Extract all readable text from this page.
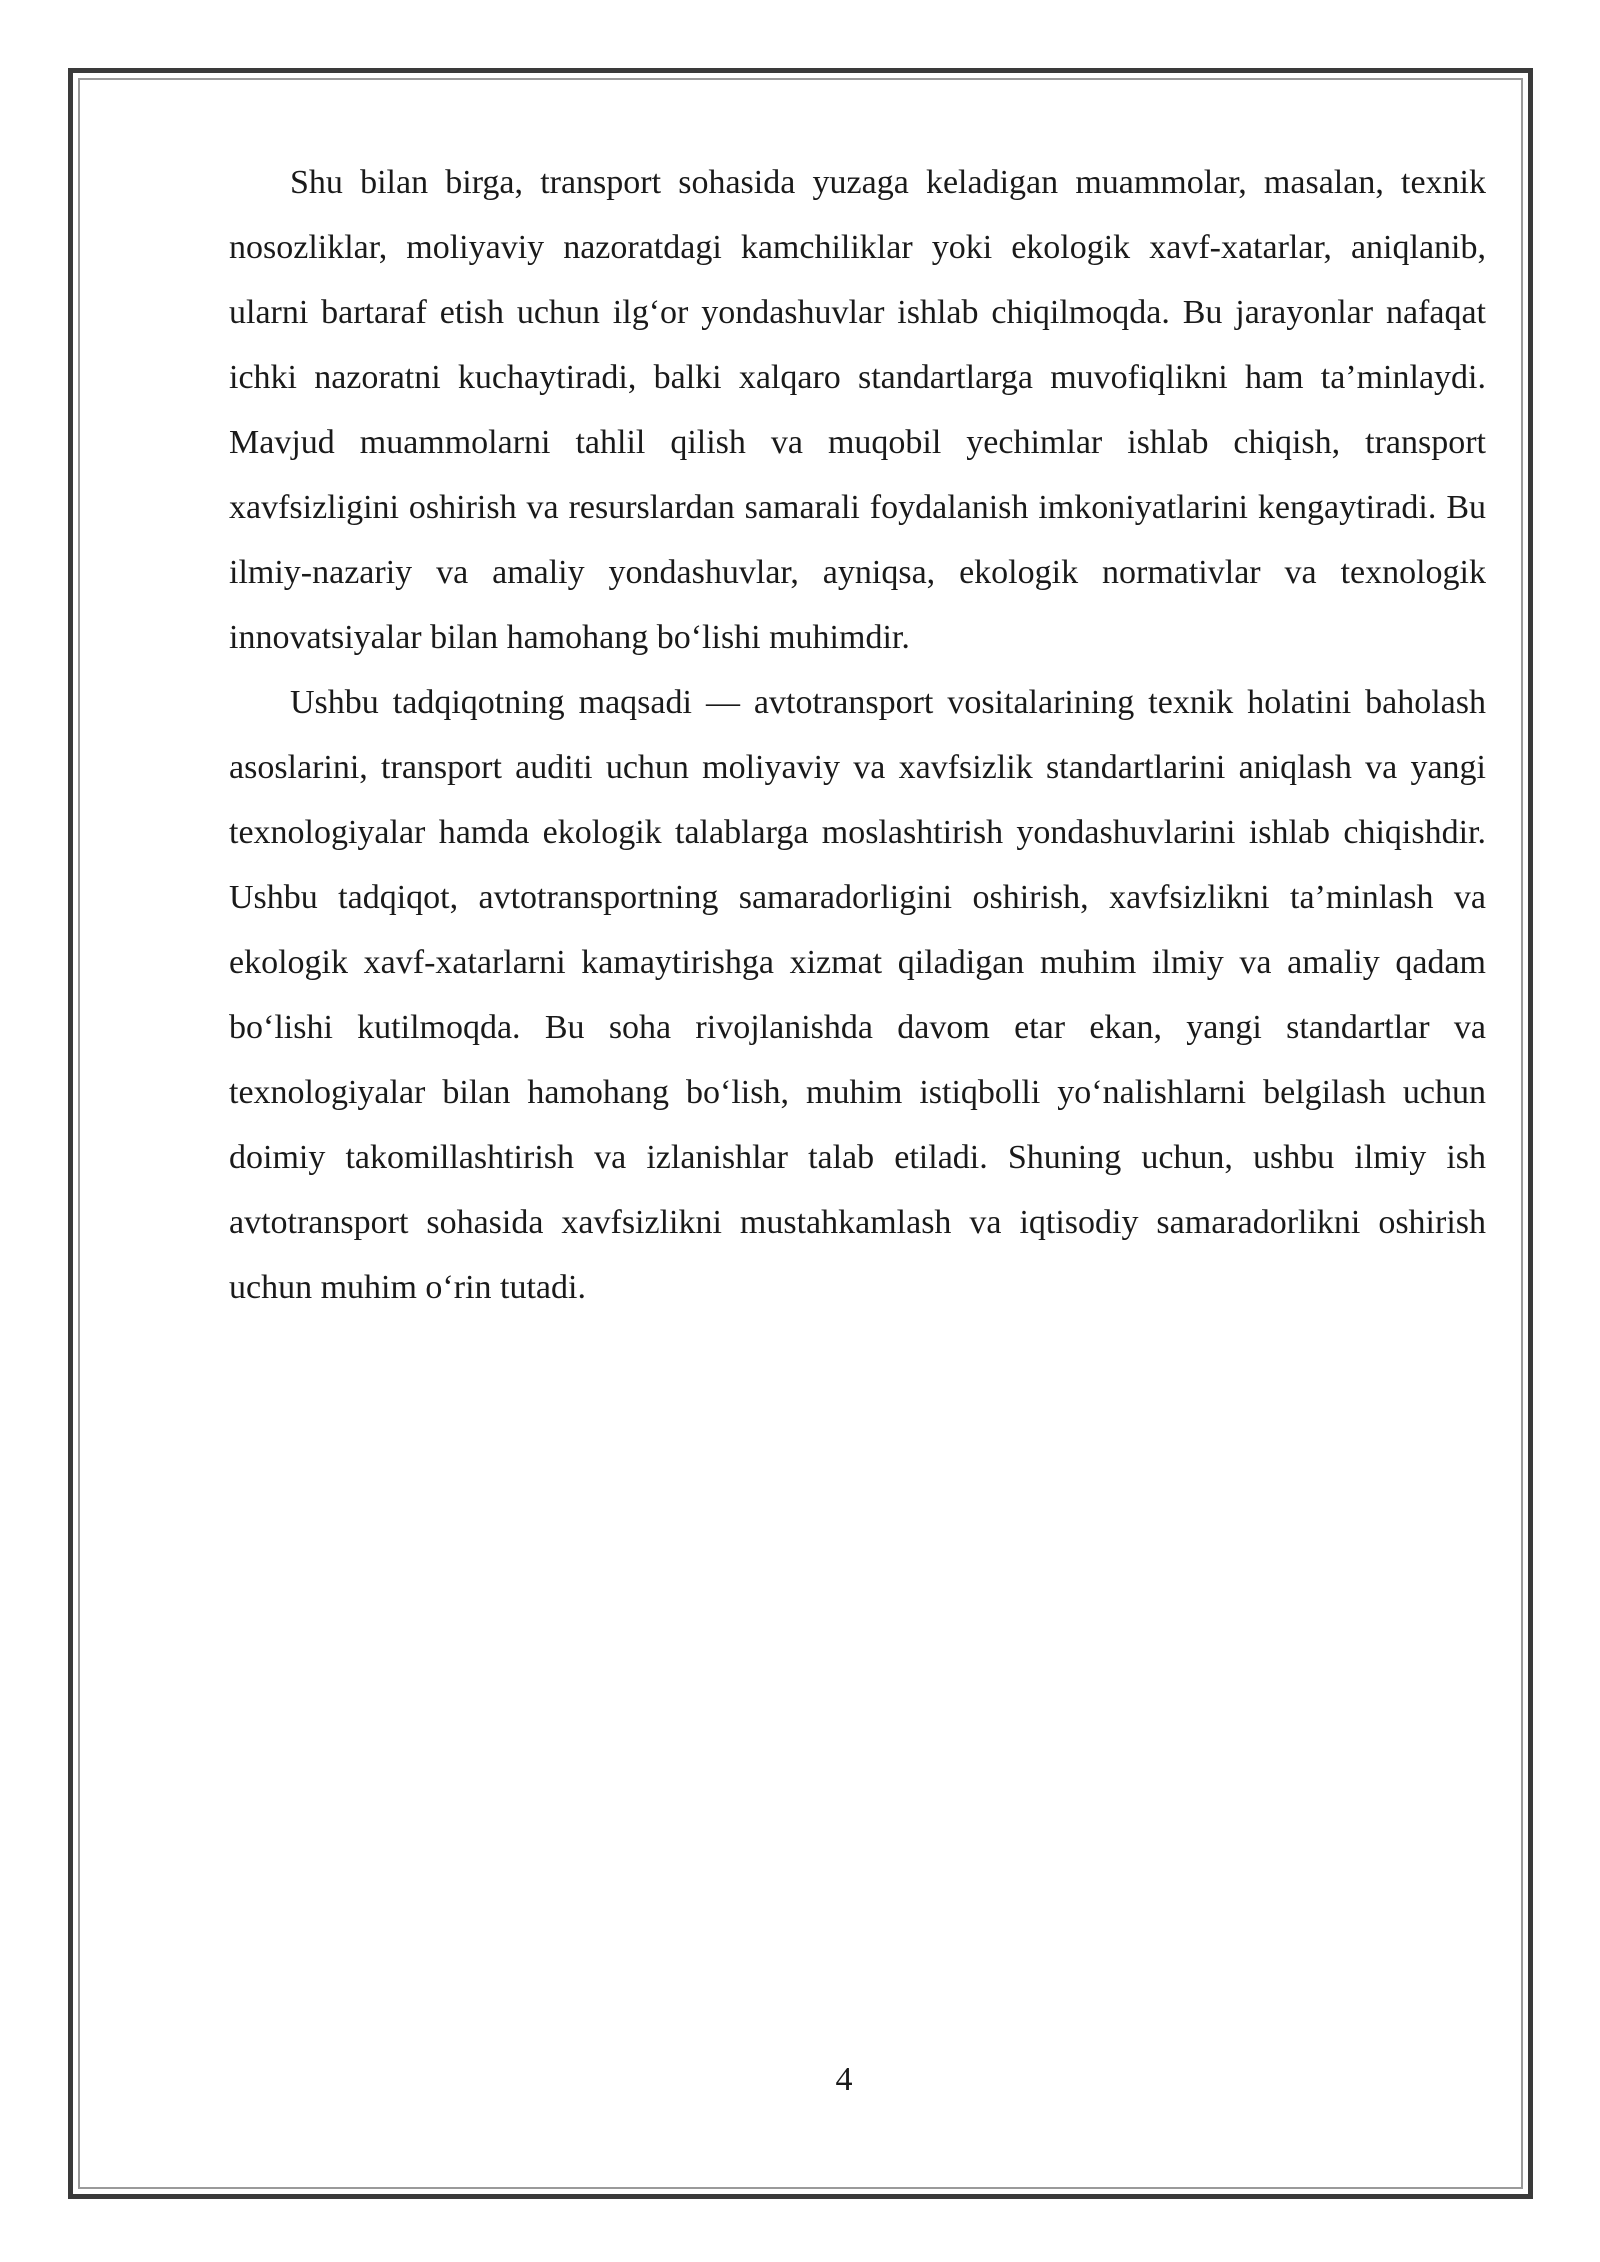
Shu bilan birga, transport sohasida yuzaga keladigan muammolar, masalan, texnik nosozliklar, moliyaviy nazoratdagi kamchiliklar yoki ekologik xavf-xatarlar, aniqlanib, ularni bartaraf etish uchun ilg‘or yondashuvlar ishlab chiqilmoqda. Bu jarayonlar nafaqat ichki nazoratni kuchaytiradi, balki xalqaro standartlarga muvofiqlikni ham ta’minlaydi. Mavjud muammolarni tahlil qilish va muqobil yechimlar ishlab chiqish, transport xavfsizligini oshirish va resurslardan samarali foydalanish imkoniyatlarini kengaytiradi. Bu ilmiy-nazariy va amaliy yondashuvlar, ayniqsa, ekologik normativlar va texnologik innovatsiyalar bilan hamohang bo‘lishi muhimdir.

Ushbu tadqiqotning maqsadi — avtotransport vositalarining texnik holatini baholash asoslarini, transport auditi uchun moliyaviy va xavfsizlik standartlarini aniqlash va yangi texnologiyalar hamda ekologik talablarga moslashtirish yondashuvlarini ishlab chiqishdir. Ushbu tadqiqot, avtotransportning samaradorligini oshirish, xavfsizlikni ta’minlash va ekologik xavf-xatarlarni kamaytirishga xizmat qiladigan muhim ilmiy va amaliy qadam bo‘lishi kutilmoqda. Bu soha rivojlanishda davom etar ekan, yangi standartlar va texnologiyalar bilan hamohang bo‘lish, muhim istiqbolli yo‘nalishlarni belgilash uchun doimiy takomillashtirish va izlanishlar talab etiladi. Shuning uchun, ushbu ilmiy ish avtotransport sohasida xavfsizlikni mustahkamlash va iqtisodiy samaradorlikni oshirish uchun muhim o‘rin tutadi.

4
